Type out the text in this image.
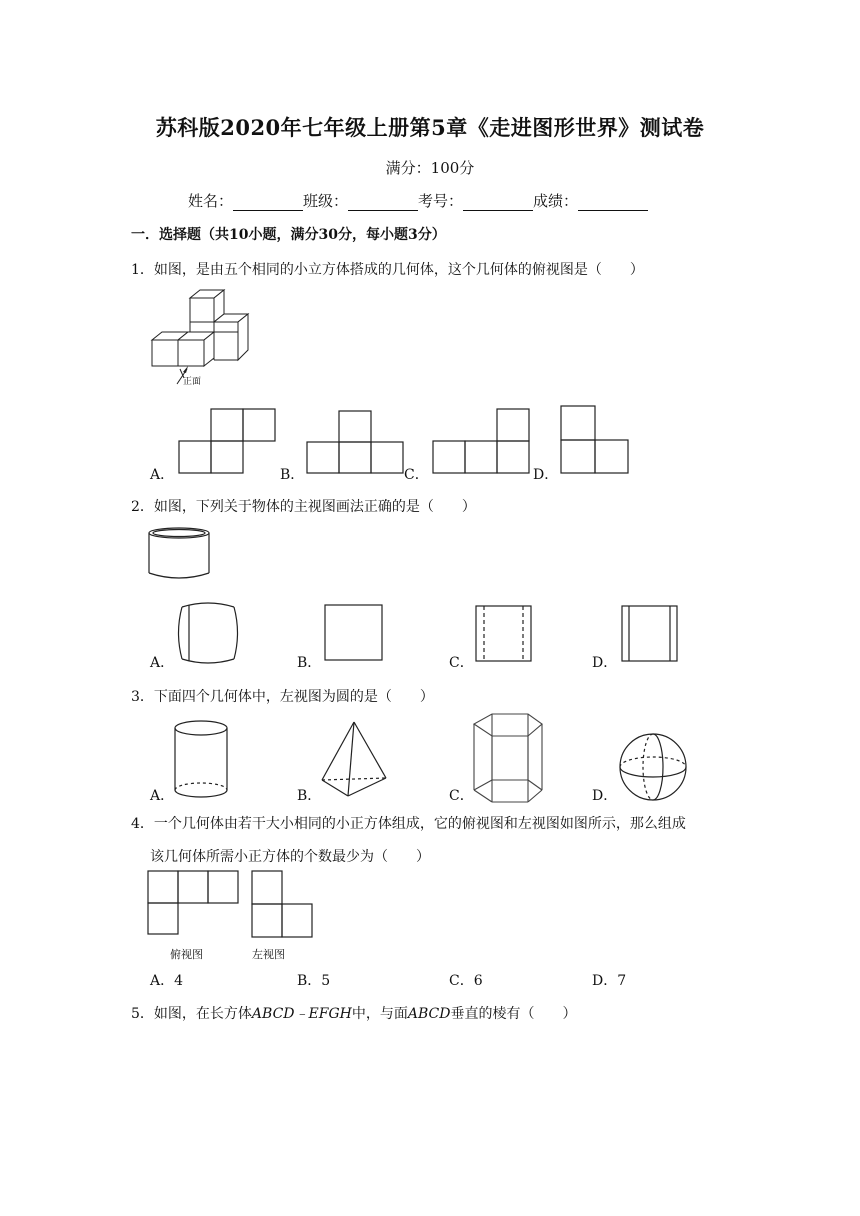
苏科版2020年七年级上册第5章《走进图形世界》测试卷
满分：100分
姓名：	班级：	考号：	成绩：
一．选择题（共10小题，满分30分，每小题3分）
1．如图，是由五个相同的小立方体搭成的几何体，这个几何体的俯视图是（　　）
正面
A．	B．	C．	D．
2．如图，下列关于物体的主视图画法正确的是（　　）
A．	B．	C．	D．
3．下面四个几何体中，左视图为圆的是（　　）
A．	B．	C．	D．
4．一个几何体由若干大小相同的小正方体组成，它的俯视图和左视图如图所示，那么组成
该几何体所需小正方体的个数最少为（　　）
俯视图	左视图
A．4	B．5	C．6	D．7
5．如图，在长方体ABCD﹣EFGH中，与面ABCD垂直的棱有（　　）
